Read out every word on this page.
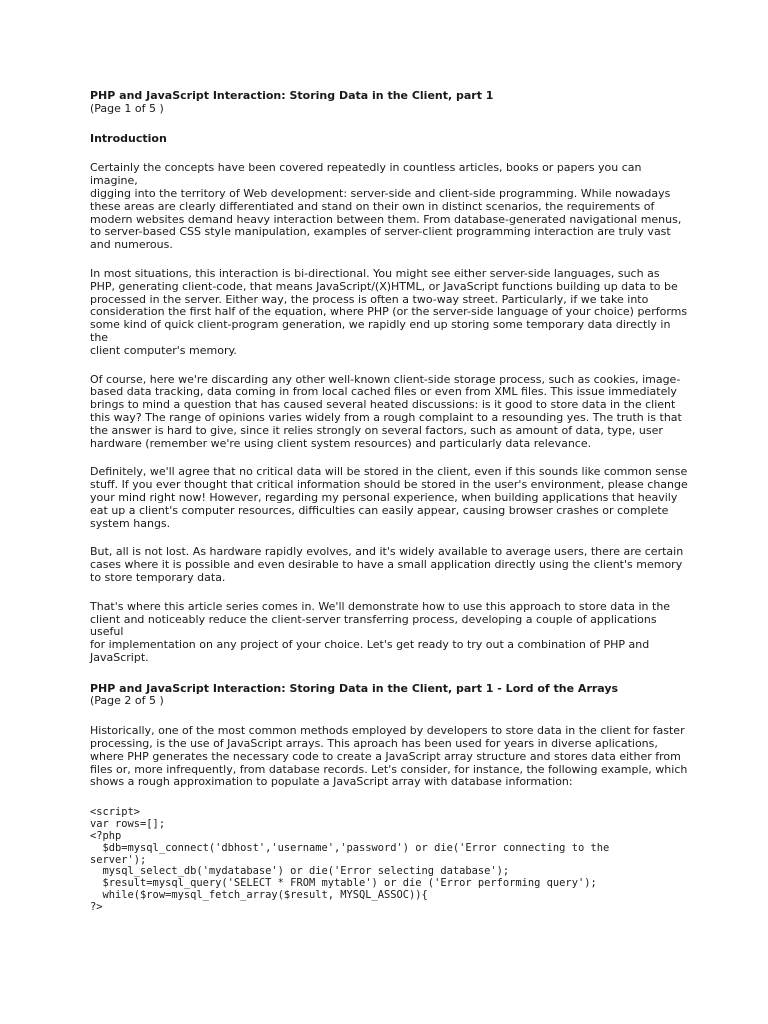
PHP and JavaScript Interaction: Storing Data in the Client, part 1

(Page 1 of 5 )

Introduction

Certainly the concepts have been covered repeatedly in countless articles, books or papers you can imagine,
digging into the territory of Web development: server-side and client-side programming. While nowadays
these areas are clearly differentiated and stand on their own in distinct scenarios, the requirements of
modern websites demand heavy interaction between them. From database-generated navigational menus,
to server-based CSS style manipulation, examples of server-client programming interaction are truly vast
and numerous.

In most situations, this interaction is bi-directional. You might see either server-side languages, such as
PHP, generating client-code, that means JavaScript/(X)HTML, or JavaScript functions building up data to be
processed in the server. Either way, the process is often a two-way street. Particularly, if we take into
consideration the first half of the equation, where PHP (or the server-side language of your choice) performs
some kind of quick client-program generation, we rapidly end up storing some temporary data directly in the
client computer's memory.

Of course, here we're discarding any other well-known client-side storage process, such as cookies, image-
based data tracking, data coming in from local cached files or even from XML files. This issue immediately
brings to mind a question that has caused several heated discussions: is it good to store data in the client
this way? The range of opinions varies widely from a rough complaint to a resounding yes. The truth is that
the answer is hard to give, since it relies strongly on several factors, such as amount of data, type, user
hardware (remember we're using client system resources) and particularly data relevance.

Definitely, we'll agree that no critical data will be stored in the client, even if this sounds like common sense
stuff. If you ever thought that critical information should be stored in the user's environment, please change
your mind right now! However, regarding my personal experience, when building applications that heavily
eat up a client's computer resources, difficulties can easily appear, causing browser crashes or complete
system hangs.

But, all is not lost. As hardware rapidly evolves, and it's widely available to average users, there are certain
cases where it is possible and even desirable to have a small application directly using the client's memory
to store temporary data.

That's where this article series comes in. We'll demonstrate how to use this approach to store data in the
client and noticeably reduce the client-server transferring process, developing a couple of applications useful
for implementation on any project of your choice. Let's get ready to try out a combination of PHP and
JavaScript.

PHP and JavaScript Interaction: Storing Data in the Client, part 1 - Lord of the Arrays

(Page 2 of 5 )

Historically, one of the most common methods employed by developers to store data in the client for faster
processing, is the use of JavaScript arrays. This aproach has been used for years in diverse aplications,
where PHP generates the necessary code to create a JavaScript array structure and stores data either from
files or, more infrequently, from database records. Let's consider, for instance, the following example, which
shows a rough approximation to populate a JavaScript array with database information:

<script>
var rows=[];
<?php
$db=mysql_connect('dbhost','username','password') or die('Error connecting to the
server');
mysql_select_db('mydatabase') or die('Error selecting database');
$result=mysql_query('SELECT * FROM mytable') or die ('Error performing query');
while($row=mysql_fetch_array($result, MYSQL_ASSOC)){
?>
